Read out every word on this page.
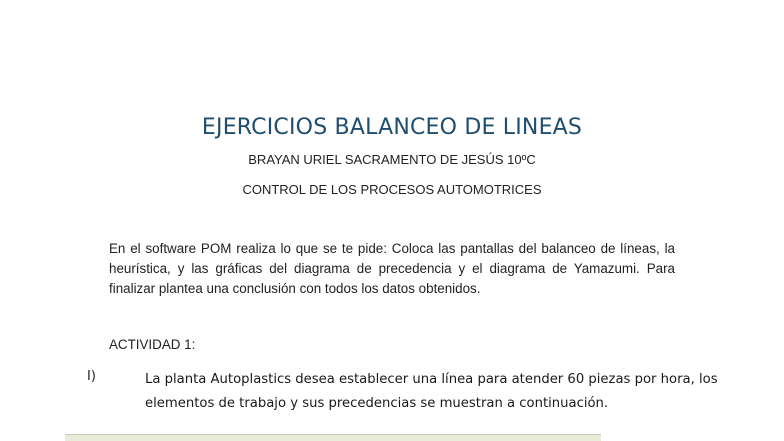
EJERCICIOS BALANCEO DE LINEAS
BRAYAN URIEL SACRAMENTO DE JESÚS 10ºC
CONTROL DE LOS PROCESOS AUTOMOTRICES
En el software POM realiza lo que se te pide: Coloca las pantallas del balanceo de líneas, la heurística, y las gráficas del diagrama de precedencia y el diagrama de Yamazumi. Para finalizar plantea una conclusión con todos los datos obtenidos.
ACTIVIDAD 1:
I)	La planta Autoplastics desea establecer una línea para atender 60 piezas por hora, los elementos de trabajo y sus precedencias se muestran a continuación.
